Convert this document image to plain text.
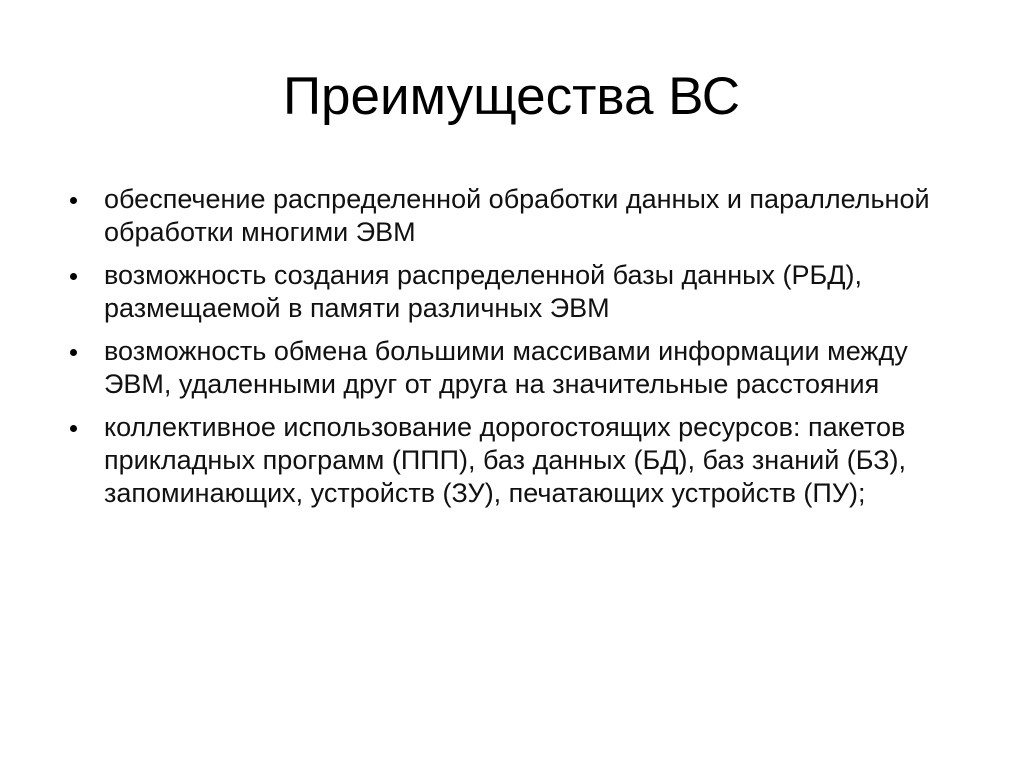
Преимущества ВС
обеспечение распределенной обработки данных и параллельной обработки многими ЭВМ
возможность создания распределенной базы данных (РБД), размещаемой в памяти различных ЭВМ
возможность обмена большими массивами информации между ЭВМ, удаленными друг от друга на значительные расстояния
коллективное использование дорогостоящих ресурсов: пакетов прикладных программ (ППП), баз данных (БД), баз знаний (БЗ), запоминающих, устройств (ЗУ), печатающих устройств (ПУ);
